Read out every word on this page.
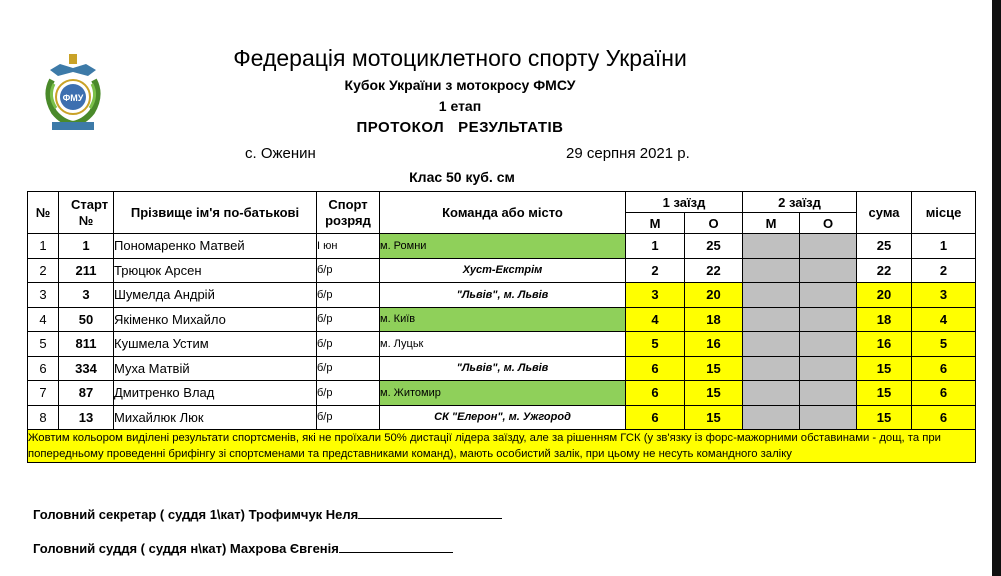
ФМУ
Федерація мотоциклетного спорту України
Кубок України з мотокросу ФМСУ
1 етап
ПРОТОКОЛ   РЕЗУЛЬТАТІВ
с. Оженин	29 серпня 2021 р.
Клас 50 куб. см
№	Старт №	Прізвище ім'я по-батькові	Спорт розряд	Команда або місто	1 заїзд		2 заїзд		сума	місце
					М	О	М	О		
1	1	Пономаренко Матвей	I юн	м. Ромни	1	25			25	1
2	211	Трюцюк Арсен	б/р	Хуст-Екстрім	2	22			22	2
3	3	Шумелда Андрій	б/р	"Львів", м. Львів	3	20			20	3
4	50	Якіменко Михайло	б/р	м. Київ	4	18			18	4
5	811	Кушмела Устим	б/р	м. Луцьк	5	16			16	5
6	334	Муха Матвій	б/р	"Львів", м. Львів	6	15			15	6
7	87	Дмитренко Влад	б/р	м. Житомир	6	15			15	6
8	13	Михайлюк Люк	б/р	СК "Елерон", м. Ужгород	6	15			15	6
Жовтим кольором виділені результати спортсменів, які не проїхали 50% дистації лідера заїзду, але за рішенням ГСК (у зв'язку із форс-мажорними обставинами - дощ, та при попередньому проведенні брифінгу зі спортсменами та представниками команд), мають особистий залік, при цьому не несуть командного заліку										
Головний секретар ( суддя 1\кат) Трофимчук Неля
Головний суддя ( суддя н\кат) Махрова Євгенія
